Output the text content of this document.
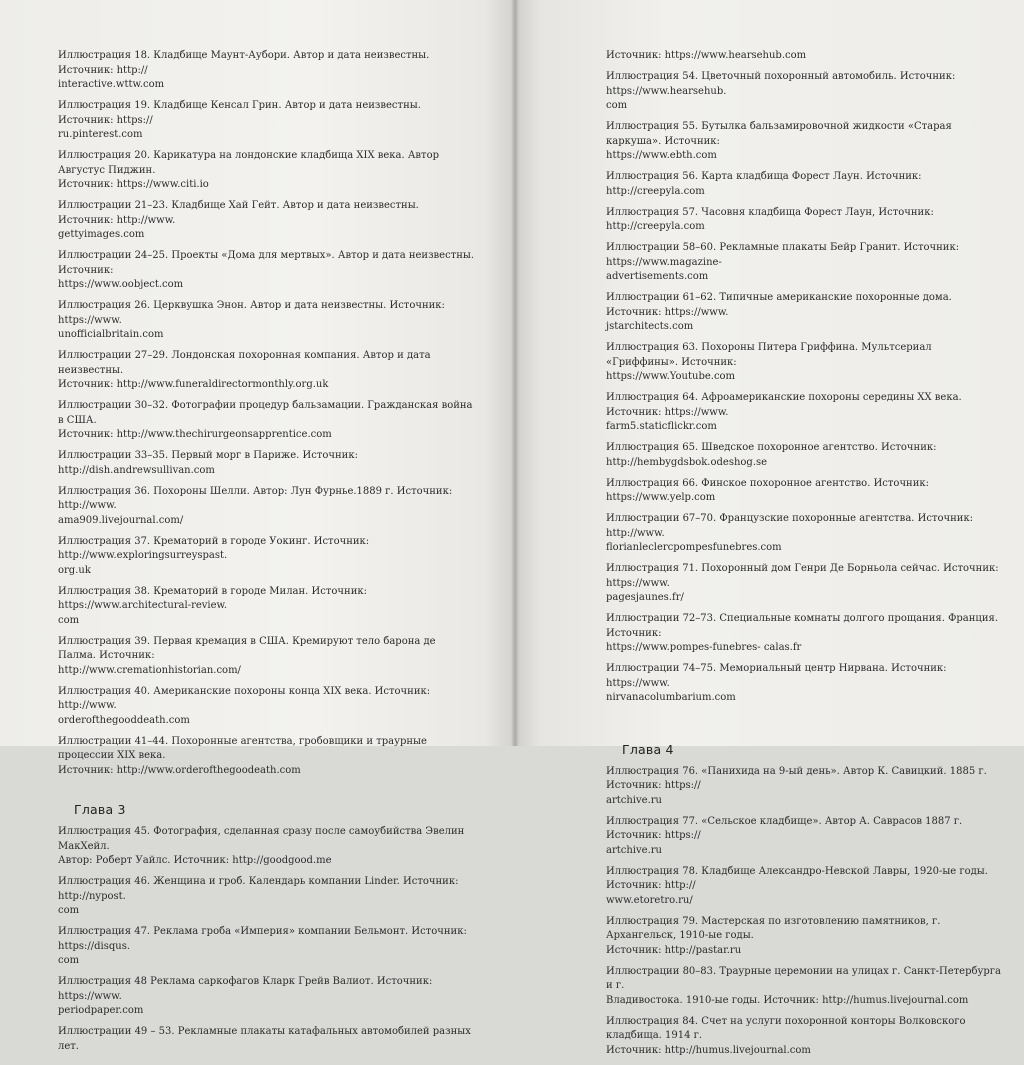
Иллюстрация 18. Кладбище Маунт-Аубори. Автор и дата неизвестны. Источник: http://
interactive.wttw.com

Иллюстрация 19. Кладбище Кенсал Грин. Автор и дата неизвестны. Источник: https://
ru.pinterest.com

Иллюстрация 20. Карикатура на лондонские кладбища XIX века. Автор Августус Пиджин.
Источник: https://www.citi.io

Иллюстрации 21–23. Кладбище Хай Гейт. Автор и дата неизвестны. Источник: http://www.
gettyimages.com

Иллюстрации 24–25. Проекты «Дома для мертвых». Автор и дата неизвестны. Источник:
https://www.oobject.com

Иллюстрация 26. Церквушка Энон. Автор и дата неизвестны. Источник: https://www.
unofficialbritain.com

Иллюстрации 27–29. Лондонская похоронная компания. Автор и дата неизвестны.
Источник: http://www.funeraldirectormonthly.org.uk

Иллюстрации 30–32. Фотографии процедур бальзамации. Гражданская война в США.
Источник: http://www.thechirurgeonsapprentice.com

Иллюстрации 33–35. Первый морг в Париже. Источник: http://dish.andrewsullivan.com

Иллюстрация 36. Похороны Шелли. Автор: Лун Фурнье.1889 г. Источник: http://www.
ama909.livejournal.com/

Иллюстрация 37. Крематорий в городе Уокинг. Источник: http://www.exploringsurreyspast.
org.uk

Иллюстрация 38. Крематорий в городе Милан. Источник: https://www.architectural-review.
com

Иллюстрация 39. Первая кремация в США. Кремируют тело барона де Палма. Источник:
http://www.cremationhistorian.com/

Иллюстрация 40. Американские похороны конца XIX века. Источник: http://www.
orderofthegooddeath.com

Иллюстрации 41–44. Похоронные агентства, гробовщики и траурные процессии XIX века.
Источник: http://www.orderofthegoodeath.com

Глава 3

Иллюстрация 45. Фотография, сделанная сразу после самоубийства Эвелин МакХейл.
Автор: Роберт Уайлс. Источник: http://goodgood.me

Иллюстрация 46. Женщина и гроб. Календарь компании Linder. Источник: http://nypost.
com

Иллюстрация 47. Реклама гроба «Империя» компании Бельмонт. Источник: https://disqus.
com

Иллюстрация 48 Реклама саркофагов Кларк Грейв Валиот. Источник: https://www.
periodpaper.com

Иллюстрации 49 – 53. Рекламные плакаты катафальных автомобилей разных лет.

Источник: https://www.hearsehub.com

Иллюстрация 54. Цветочный похоронный автомобиль. Источник: https://www.hearsehub.
com

Иллюстрация 55. Бутылка бальзамировочной жидкости «Старая каркуша». Источник:
https://www.ebth.com

Иллюстрация 56. Карта кладбища Форест Лаун. Источник: http://creepyla.com

Иллюстрация 57. Часовня кладбища Форест Лаун, Источник: http://creepyla.com

Иллюстрации 58–60. Рекламные плакаты Бейр Гранит. Источник: https://www.magazine-
advertisements.com

Иллюстрации 61–62. Типичные американские похоронные дома. Источник: https://www.
jstarchitects.com

Иллюстрация 63. Похороны Питера Гриффина. Мультсериал «Гриффины». Источник:
https://www.Youtube.com

Иллюстрация 64. Афроамериканские похороны середины XX века. Источник: https://www.
farm5.staticflickr.com

Иллюстрация 65. Шведское похоронное агентство. Источник: http://hembygdsbok.odeshog.se

Иллюстрация 66. Финское похоронное агентство. Источник: https://www.yelp.com

Иллюстрации 67–70. Французские похоронные агентства. Источник: http://www.
florianleclercpompesfunebres.com

Иллюстрация 71. Похоронный дом Генри Де Борньола сейчас. Источник: https://www.
pagesjaunes.fr/

Иллюстрации 72–73. Специальные комнаты долгого прощания. Франция. Источник:
https://www.pompes-funebres- calas.fr

Иллюстрации 74–75. Мемориальный центр Нирвана. Источник: https://www.
nirvanacolumbarium.com

Глава 4

Иллюстрация 76. «Панихида на 9-ый день». Автор К. Савицкий. 1885 г. Источник: https://
artchive.ru

Иллюстрация 77. «Сельское кладбище». Автор А. Саврасов 1887 г. Источник: https://
artchive.ru

Иллюстрация 78. Кладбище Александро-Невской Лавры, 1920-ые годы. Источник: http://
www.etoretro.ru/

Иллюстрация 79. Мастерская по изготовлению памятников, г. Архангельск, 1910-ые годы.
Источник: http://pastar.ru

Иллюстрации 80–83. Траурные церемонии на улицах г. Санкт-Петербурга и г.
Владивостока. 1910-ые годы. Источник: http://humus.livejournal.com

Иллюстрация 84. Счет на услуги похоронной конторы Волковского кладбища. 1914 г.
Источник: http://humus.livejournal.com
